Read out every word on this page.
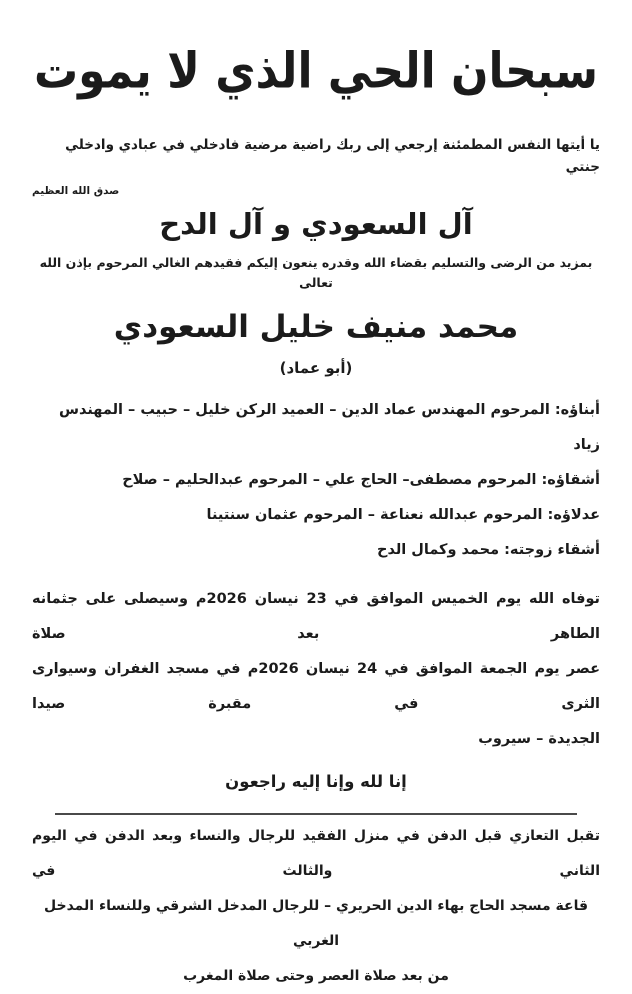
سبحان الحي الذي لا يموت
يا أيتها النفس المطمئنة إرجعي إلى ربك راضية مرضية فادخلي في عبادي وادخلي جنتي
صدق الله العظيم
آل السعودي و آل الدح
بمزيد من الرضى والتسليم بقضاء الله وقدره ينعون إليكم فقيدهم الغالي المرحوم بإذن الله تعالى
محمد منيف خليل السعودي
(أبو عماد)
أبناؤه: المرحوم المهندس عماد الدين – العميد الركن خليل – حبيب – المهندس زياد
أشقاؤه: المرحوم مصطفى– الحاج علي – المرحوم عبدالحليم – صلاح
عدلاؤه: المرحوم عبدالله نعناعة – المرحوم عثمان سنتينا
أشقاء زوجته: محمد وكمال الدح
توفاه الله يوم الخميس الموافق في 23 نيسان 2026م وسيصلى على جثمانه الطاهر بعد صلاة
عصر يوم الجمعة الموافق في 24 نيسان 2026م في مسجد الغفران وسيوارى الثرى في مقبرة صيدا
الجديدة – سيروب
إنا لله وإنا إليه راجعون
تقبل التعازي قبل الدفن في منزل الفقيد للرجال والنساء وبعد الدفن في اليوم الثاني والثالث في
قاعة مسجد الحاج بهاء الدين الحريري – للرجال المدخل الشرقي وللنساء المدخل الغربي
من بعد صلاة العصر وحتى صلاة المغرب
